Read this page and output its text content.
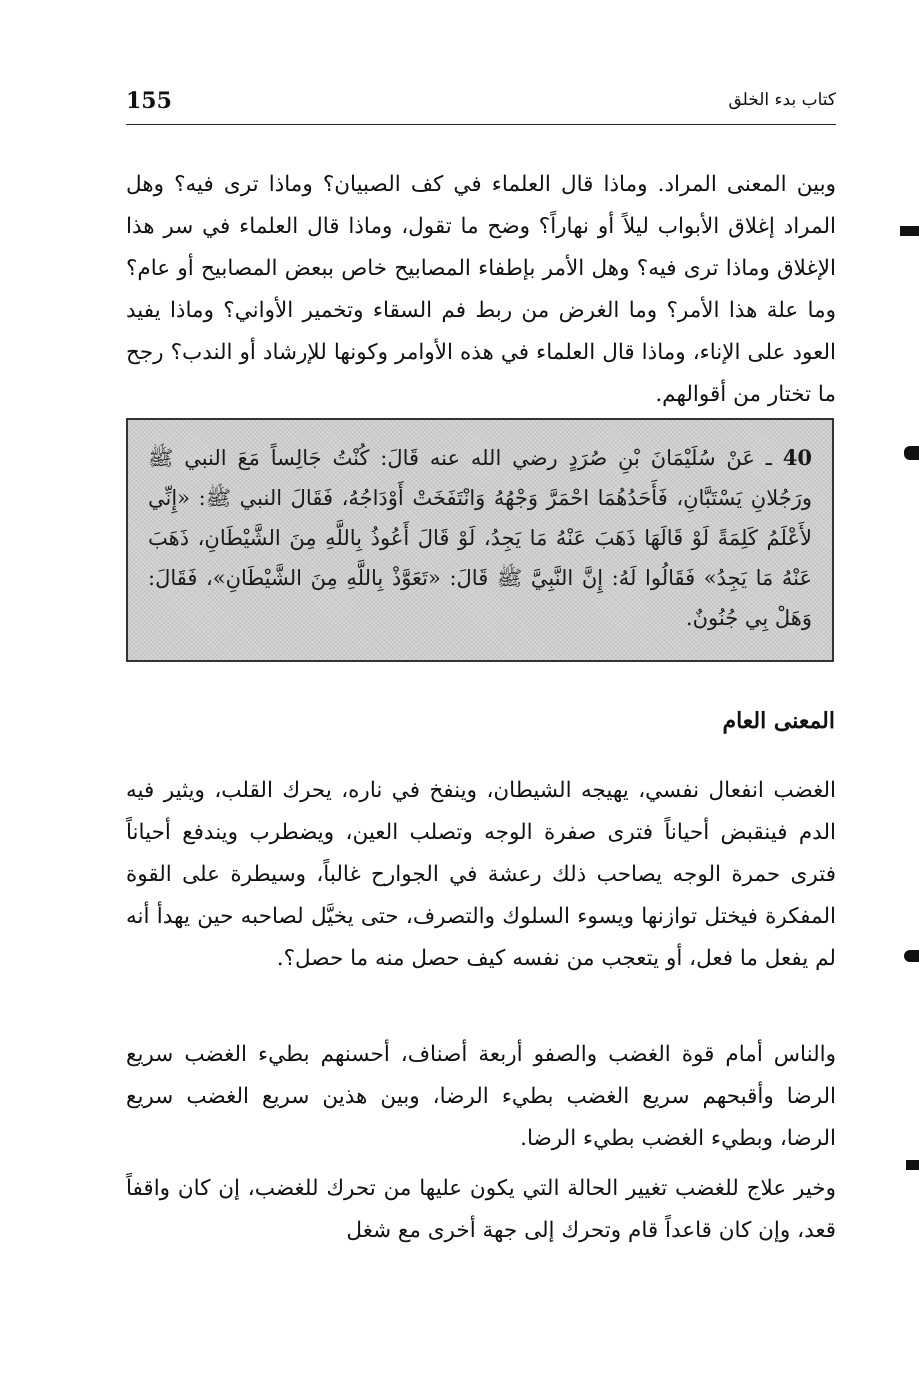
155	كتاب بدء الخلق

وبين المعنى المراد. وماذا قال العلماء في كف الصبيان؟ وماذا ترى فيه؟ وهل المراد إغلاق الأبواب ليلاً أو نهاراً؟ وضح ما تقول، وماذا قال العلماء في سر هذا الإغلاق وماذا ترى فيه؟ وهل الأمر بإطفاء المصابيح خاص ببعض المصابيح أو عام؟ وما علة هذا الأمر؟ وما الغرض من ربط فم السقاء وتخمير الأواني؟ وماذا يفيد العود على الإناء، وماذا قال العلماء في هذه الأوامر وكونها للإرشاد أو الندب؟ رجح ما تختار من أقوالهم.

40 ـ عَنْ سُلَيْمَانَ بْنِ صُرَدٍ رضي الله عنه قَالَ: كُنْتُ جَالِساً مَعَ النبي ﷺ ورَجُلانِ يَسْتَبَّانِ، فَأَحَدُهُمَا احْمَرَّ وَجْهُهُ وَانْتَفَخَتْ أَوْدَاجُهُ، فَقَالَ النبي ﷺ: «إِنِّي لأَعْلَمُ كَلِمَةً لَوْ قَالَهَا ذَهَبَ عَنْهُ مَا يَجِدُ، لَوْ قَالَ أَعُوذُ بِاللَّهِ مِنَ الشَّيْطَانِ، ذَهَبَ عَنْهُ مَا يَجِدُ» فَقَالُوا لَهُ: إِنَّ النَّبِيَّ ﷺ قَالَ: «تَعَوَّذْ بِاللَّهِ مِنَ الشَّيْطَانِ»، فَقَالَ: وَهَلْ بِي جُنُونٌ.

المعنى العام

الغضب انفعال نفسي، يهيجه الشيطان، وينفخ في ناره، يحرك القلب، ويثير فيه الدم فينقبض أحياناً فترى صفرة الوجه وتصلب العين، ويضطرب ويندفع أحياناً فترى حمرة الوجه يصاحب ذلك رعشة في الجوارح غالباً، وسيطرة على القوة المفكرة فيختل توازنها ويسوء السلوك والتصرف، حتى يخيَّل لصاحبه حين يهدأ أنه لم يفعل ما فعل، أو يتعجب من نفسه كيف حصل منه ما حصل؟.

والناس أمام قوة الغضب والصفو أربعة أصناف، أحسنهم بطيء الغضب سريع الرضا وأقبحهم سريع الغضب بطيء الرضا، وبين هذين سريع الغضب سريع الرضا، وبطيء الغضب بطيء الرضا.

وخير علاج للغضب تغيير الحالة التي يكون عليها من تحرك للغضب، إن كان واقفاً قعد، وإن كان قاعداً قام وتحرك إلى جهة أخرى مع شغل
